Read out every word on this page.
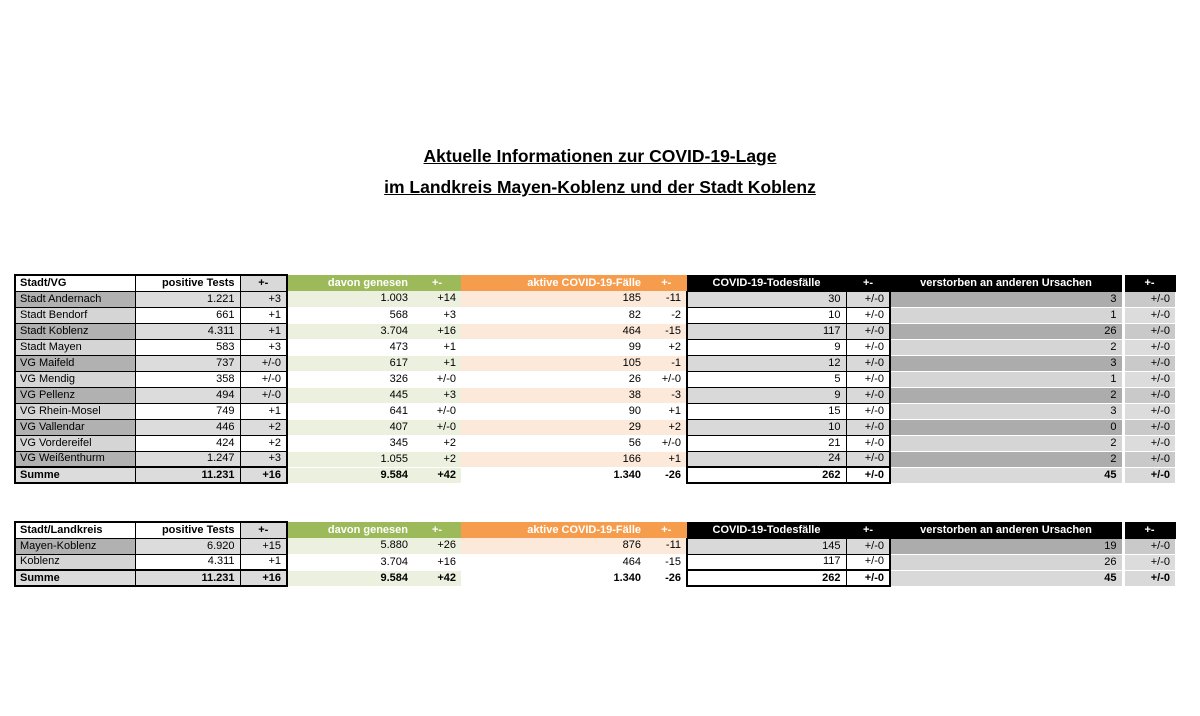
Aktuelle Informationen zur COVID-19-Lage
im Landkreis Mayen-Koblenz und der Stadt Koblenz
Stadt/VG	positive Tests	+-	davon genesen	+-	aktive COVID-19-Fälle	+-	COVID-19-Todesfälle	+-	verstorben an anderen Ursachen	+-
Stadt Andernach	1.221	+3	1.003	+14	185	-11	30	+/-0	3	+/-0
Stadt Bendorf	661	+1	568	+3	82	-2	10	+/-0	1	+/-0
Stadt Koblenz	4.311	+1	3.704	+16	464	-15	117	+/-0	26	+/-0
Stadt Mayen	583	+3	473	+1	99	+2	9	+/-0	2	+/-0
VG Maifeld	737	+/-0	617	+1	105	-1	12	+/-0	3	+/-0
VG Mendig	358	+/-0	326	+/-0	26	+/-0	5	+/-0	1	+/-0
VG Pellenz	494	+/-0	445	+3	38	-3	9	+/-0	2	+/-0
VG Rhein-Mosel	749	+1	641	+/-0	90	+1	15	+/-0	3	+/-0
VG Vallendar	446	+2	407	+/-0	29	+2	10	+/-0	0	+/-0
VG Vordereifel	424	+2	345	+2	56	+/-0	21	+/-0	2	+/-0
VG Weißenthurm	1.247	+3	1.055	+2	166	+1	24	+/-0	2	+/-0
Summe	11.231	+16	9.584	+42	1.340	-26	262	+/-0	45	+/-0
Stadt/Landkreis	positive Tests	+-	davon genesen	+-	aktive COVID-19-Fälle	+-	COVID-19-Todesfälle	+-	verstorben an anderen Ursachen	+-
Mayen-Koblenz	6.920	+15	5.880	+26	876	-11	145	+/-0	19	+/-0
Koblenz	4.311	+1	3.704	+16	464	-15	117	+/-0	26	+/-0
Summe	11.231	+16	9.584	+42	1.340	-26	262	+/-0	45	+/-0
